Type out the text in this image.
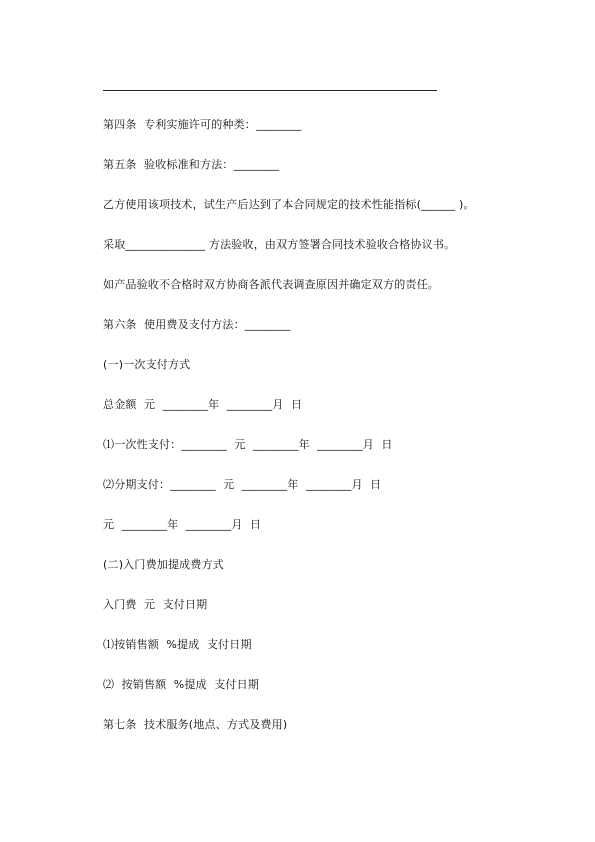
第四条  专利实施许可的种类：________
第五条  验收标准和方法：________
乙方使用该项技术，试生产后达到了本合同规定的技术性能指标(______ )。
采取______________ 方法验收，由双方签署合同技术验收合格协议书。
如产品验收不合格时双方协商各派代表调查原因并确定双方的责任。
第六条  使用费及支付方法：________
(一)一次支付方式
总金额  元  ________年  ________月  日
⑴一次性支付：________  元  ________年  ________月  日
⑵分期支付：________  元  ________年  ________月  日
元  ________年  ________月  日
(二)入门费加提成费方式
入门费  元  支付日期
⑴按销售额  %提成  支付日期
⑵  按销售额  %提成  支付日期
第七条  技术服务(地点、方式及费用)
